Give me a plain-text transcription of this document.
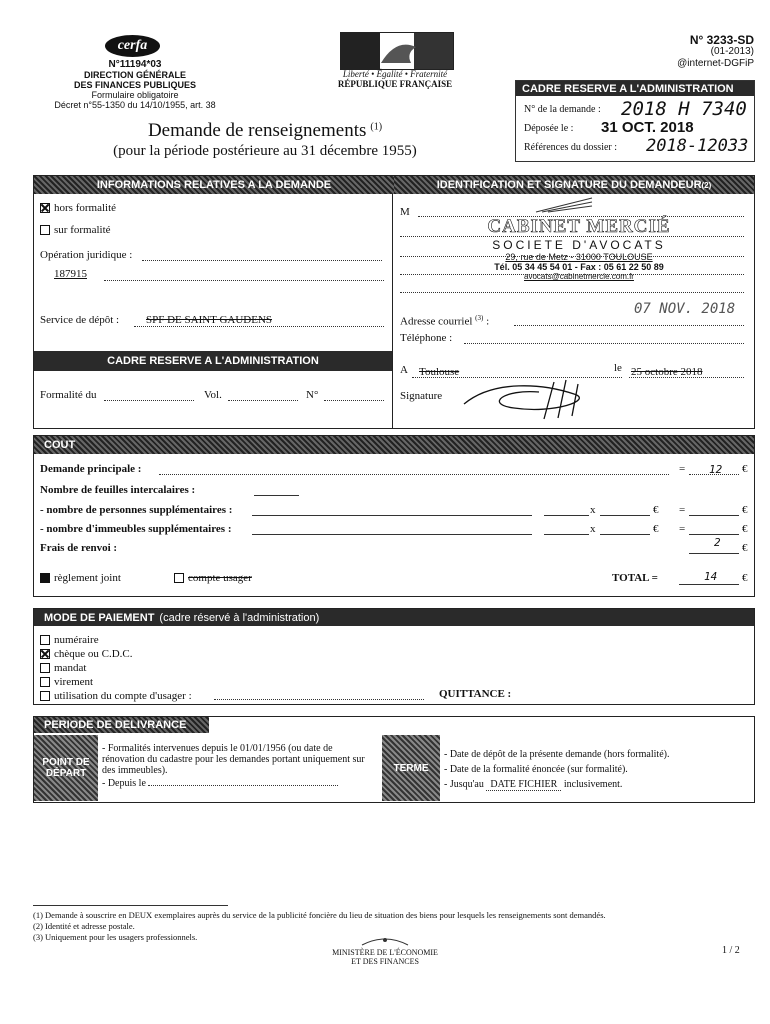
cerfa
N°11194*03
DIRECTION GÉNÉRALE
DES FINANCES PUBLIQUES
Formulaire obligatoire
Décret n°55-1350 du 14/10/1955, art. 38
Liberté • Égalité • Fraternité
RÉPUBLIQUE FRANÇAISE
N° 3233-SD
(01-2013)
@internet-DGFiP
CADRE RESERVE A L'ADMINISTRATION
N° de la demande : 2018 H 7340
Déposée le : 31 OCT. 2018
Références du dossier : 2018-12033
Demande de renseignements $^{(1)}$
(pour la période postérieure au 31 décembre 1955)
INFORMATIONS RELATIVES A LA DEMANDE	IDENTIFICATION ET SIGNATURE DU DEMANDEUR (2)
hors formalité
sur formalité
Opération juridique :
187915
Service de dépôt : SPF DE SAINT GAUDENS
CADRE RESERVE A L'ADMINISTRATION
Formalité du	Vol.	N°
M
CABINET MERCIÉ
SOCIETE D'AVOCATS
29, rue de Metz - 31000 TOULOUSE
Tél. 05 34 45 54 01 - Fax : 05 61 22 50 89
avocats@cabinetmercie.com.fr
07 NOV. 2018
Adresse courriel $^{(3)}$ :
Téléphone :
A Toulouse	le 25 octobre 2018
Signature
COUT
Demande principale :	= 12 €
Nombre de feuilles intercalaires :
- nombre de personnes supplémentaires :	x	€ =	€
- nombre d'immeubles supplémentaires :	x	€ =	€
Frais de renvoi :	2 €
règlement joint	compte usager	TOTAL =	14 €
MODE DE PAIEMENT (cadre réservé à l'administration)
numéraire
chèque ou C.D.C.
mandat
virement
utilisation du compte d'usager :	QUITTANCE :
PERIODE DE DELIVRANCE
POINT DE DÉPART
- Formalités intervenues depuis le 01/01/1956 (ou date de rénovation du cadastre pour les demandes portant uniquement sur des immeubles).
- Depuis le
TERME
- Date de dépôt de la présente demande (hors formalité).
- Date de la formalité énoncée (sur formalité).
- Jusqu'au DATE FICHIER inclusivement.
(1) Demande à souscrire en DEUX exemplaires auprès du service de la publicité foncière du lieu de situation des biens pour lesquels les renseignements sont demandés.
(2) Identité et adresse postale.
(3) Uniquement pour les usagers professionnels.
MINISTÈRE DE L'ÉCONOMIE
ET DES FINANCES
1 / 2
